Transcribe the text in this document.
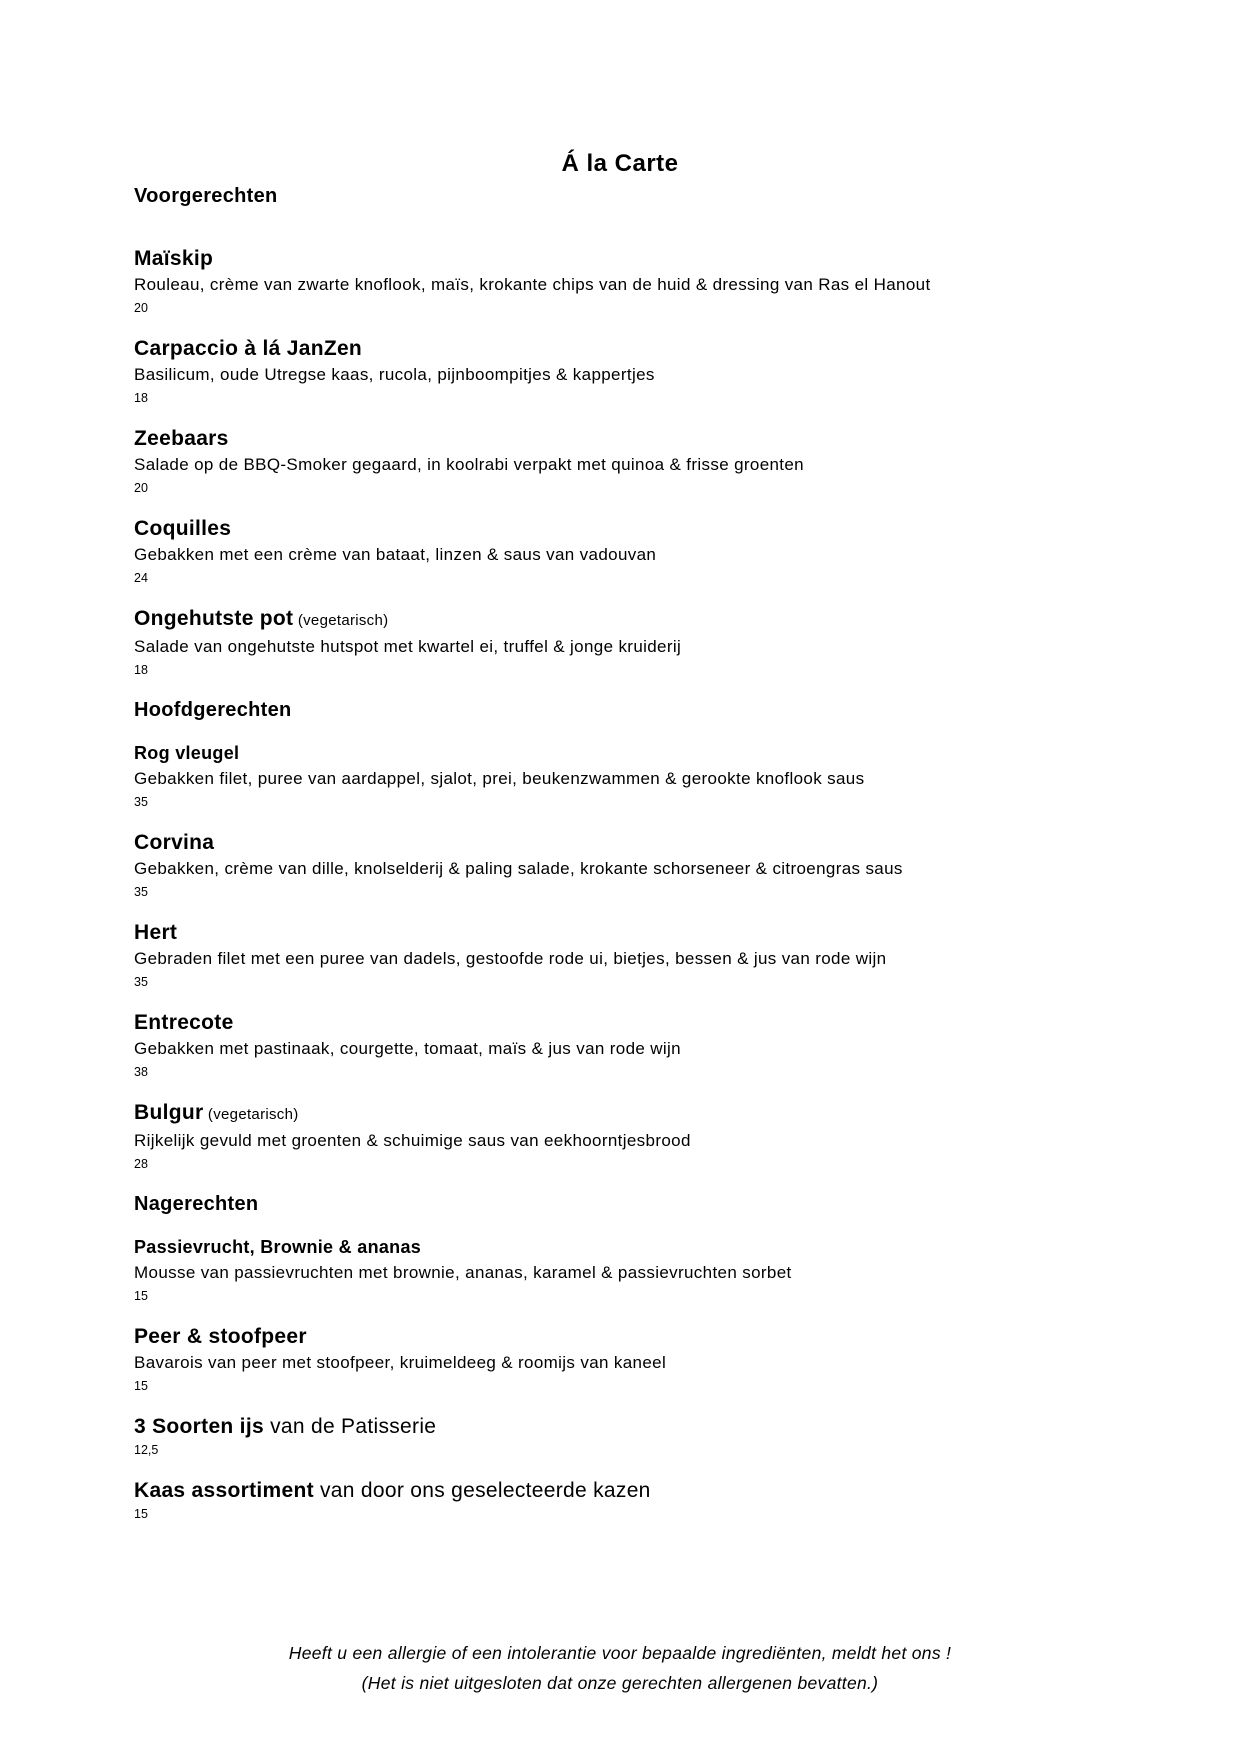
Á la Carte
Voorgerechten
Maïskip
Rouleau, crème van zwarte knoflook, maïs, krokante chips van de huid & dressing van Ras el Hanout
20
Carpaccio à lá JanZen
Basilicum, oude Utregse kaas, rucola, pijnboompitjes & kappertjes
18
Zeebaars
Salade op de BBQ-Smoker gegaard, in koolrabi verpakt met quinoa & frisse groenten
20
Coquilles
Gebakken met een crème van bataat, linzen & saus van vadouvan
24
Ongehutste pot (vegetarisch)
Salade van ongehutste hutspot met kwartel ei, truffel & jonge kruiderij
18
Hoofdgerechten
Rog vleugel
Gebakken filet, puree van aardappel, sjalot, prei, beukenzwammen & gerookte knoflook saus
35
Corvina
Gebakken, crème van dille, knolselderij & paling salade, krokante schorseneer & citroengras saus
35
Hert
Gebraden filet met een puree van dadels, gestoofde rode ui, bietjes, bessen & jus van rode wijn
35
Entrecote
Gebakken met pastinaak, courgette, tomaat, maïs & jus van rode wijn
38
Bulgur (vegetarisch)
Rijkelijk gevuld met groenten & schuimige saus van eekhoorntjesbrood
28
Nagerechten
Passievrucht, Brownie & ananas
Mousse van passievruchten met brownie, ananas, karamel & passievruchten sorbet
15
Peer & stoofpeer
Bavarois van peer met stoofpeer, kruimeldeeg & roomijs van kaneel
15
3 Soorten ijs van de Patisserie
12,5
Kaas assortiment van door ons geselecteerde kazen
15
Heeft u een allergie of een intolerantie voor bepaalde ingrediënten, meldt het ons !
(Het is niet uitgesloten dat onze gerechten allergenen bevatten.)
